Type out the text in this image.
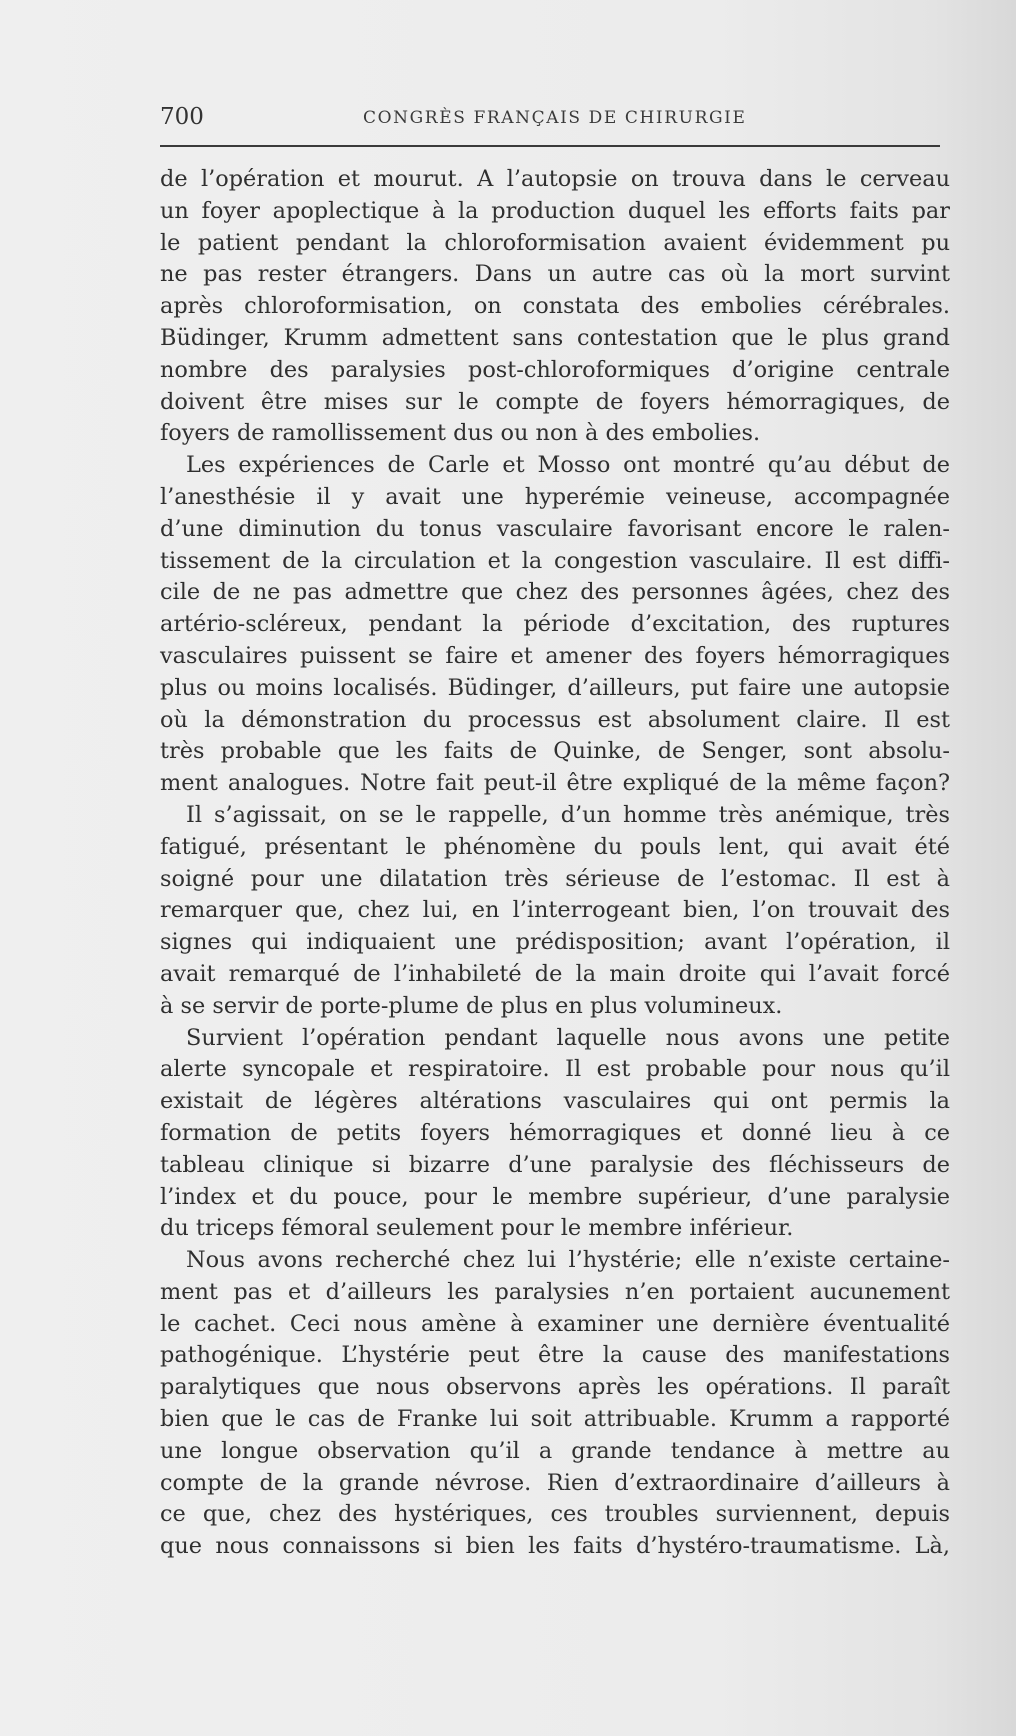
700	CONGRÈS FRANÇAIS DE CHIRURGIE
de l’opération et mourut. A l’autopsie on trouva dans le cerveau
un foyer apoplectique à la production duquel les efforts faits par
le patient pendant la chloroformisation avaient évidemment pu
ne pas rester étrangers. Dans un autre cas où la mort survint
après chloroformisation, on constata des embolies cérébrales.
Büdinger, Krumm admettent sans contestation que le plus grand
nombre des paralysies post-chloroformiques d’origine centrale
doivent être mises sur le compte de foyers hémorragiques, de
foyers de ramollissement dus ou non à des embolies.
Les expériences de Carle et Mosso ont montré qu’au début de
l’anesthésie il y avait une hyperémie veineuse, accompagnée
d’une diminution du tonus vasculaire favorisant encore le ralen-
tissement de la circulation et la congestion vasculaire. Il est diffi-
cile de ne pas admettre que chez des personnes âgées, chez des
artério-scléreux, pendant la période d’excitation, des ruptures
vasculaires puissent se faire et amener des foyers hémorragiques
plus ou moins localisés. Büdinger, d’ailleurs, put faire une autopsie
où la démonstration du processus est absolument claire. Il est
très probable que les faits de Quinke, de Senger, sont absolu-
ment analogues. Notre fait peut-il être expliqué de la même façon?
Il s’agissait, on se le rappelle, d’un homme très anémique, très
fatigué, présentant le phénomène du pouls lent, qui avait été
soigné pour une dilatation très sérieuse de l’estomac. Il est à
remarquer que, chez lui, en l’interrogeant bien, l’on trouvait des
signes qui indiquaient une prédisposition; avant l’opération, il
avait remarqué de l’inhabileté de la main droite qui l’avait forcé
à se servir de porte-plume de plus en plus volumineux.
Survient l’opération pendant laquelle nous avons une petite
alerte syncopale et respiratoire. Il est probable pour nous qu’il
existait de légères altérations vasculaires qui ont permis la
formation de petits foyers hémorragiques et donné lieu à ce
tableau clinique si bizarre d’une paralysie des fléchisseurs de
l’index et du pouce, pour le membre supérieur, d’une paralysie
du triceps fémoral seulement pour le membre inférieur.
Nous avons recherché chez lui l’hystérie; elle n’existe certaine-
ment pas et d’ailleurs les paralysies n’en portaient aucunement
le cachet. Ceci nous amène à examiner une dernière éventualité
pathogénique. L’hystérie peut être la cause des manifestations
paralytiques que nous observons après les opérations. Il paraît
bien que le cas de Franke lui soit attribuable. Krumm a rapporté
une longue observation qu’il a grande tendance à mettre au
compte de la grande névrose. Rien d’extraordinaire d’ailleurs à
ce que, chez des hystériques, ces troubles surviennent, depuis
que nous connaissons si bien les faits d’hystéro-traumatisme. Là,
